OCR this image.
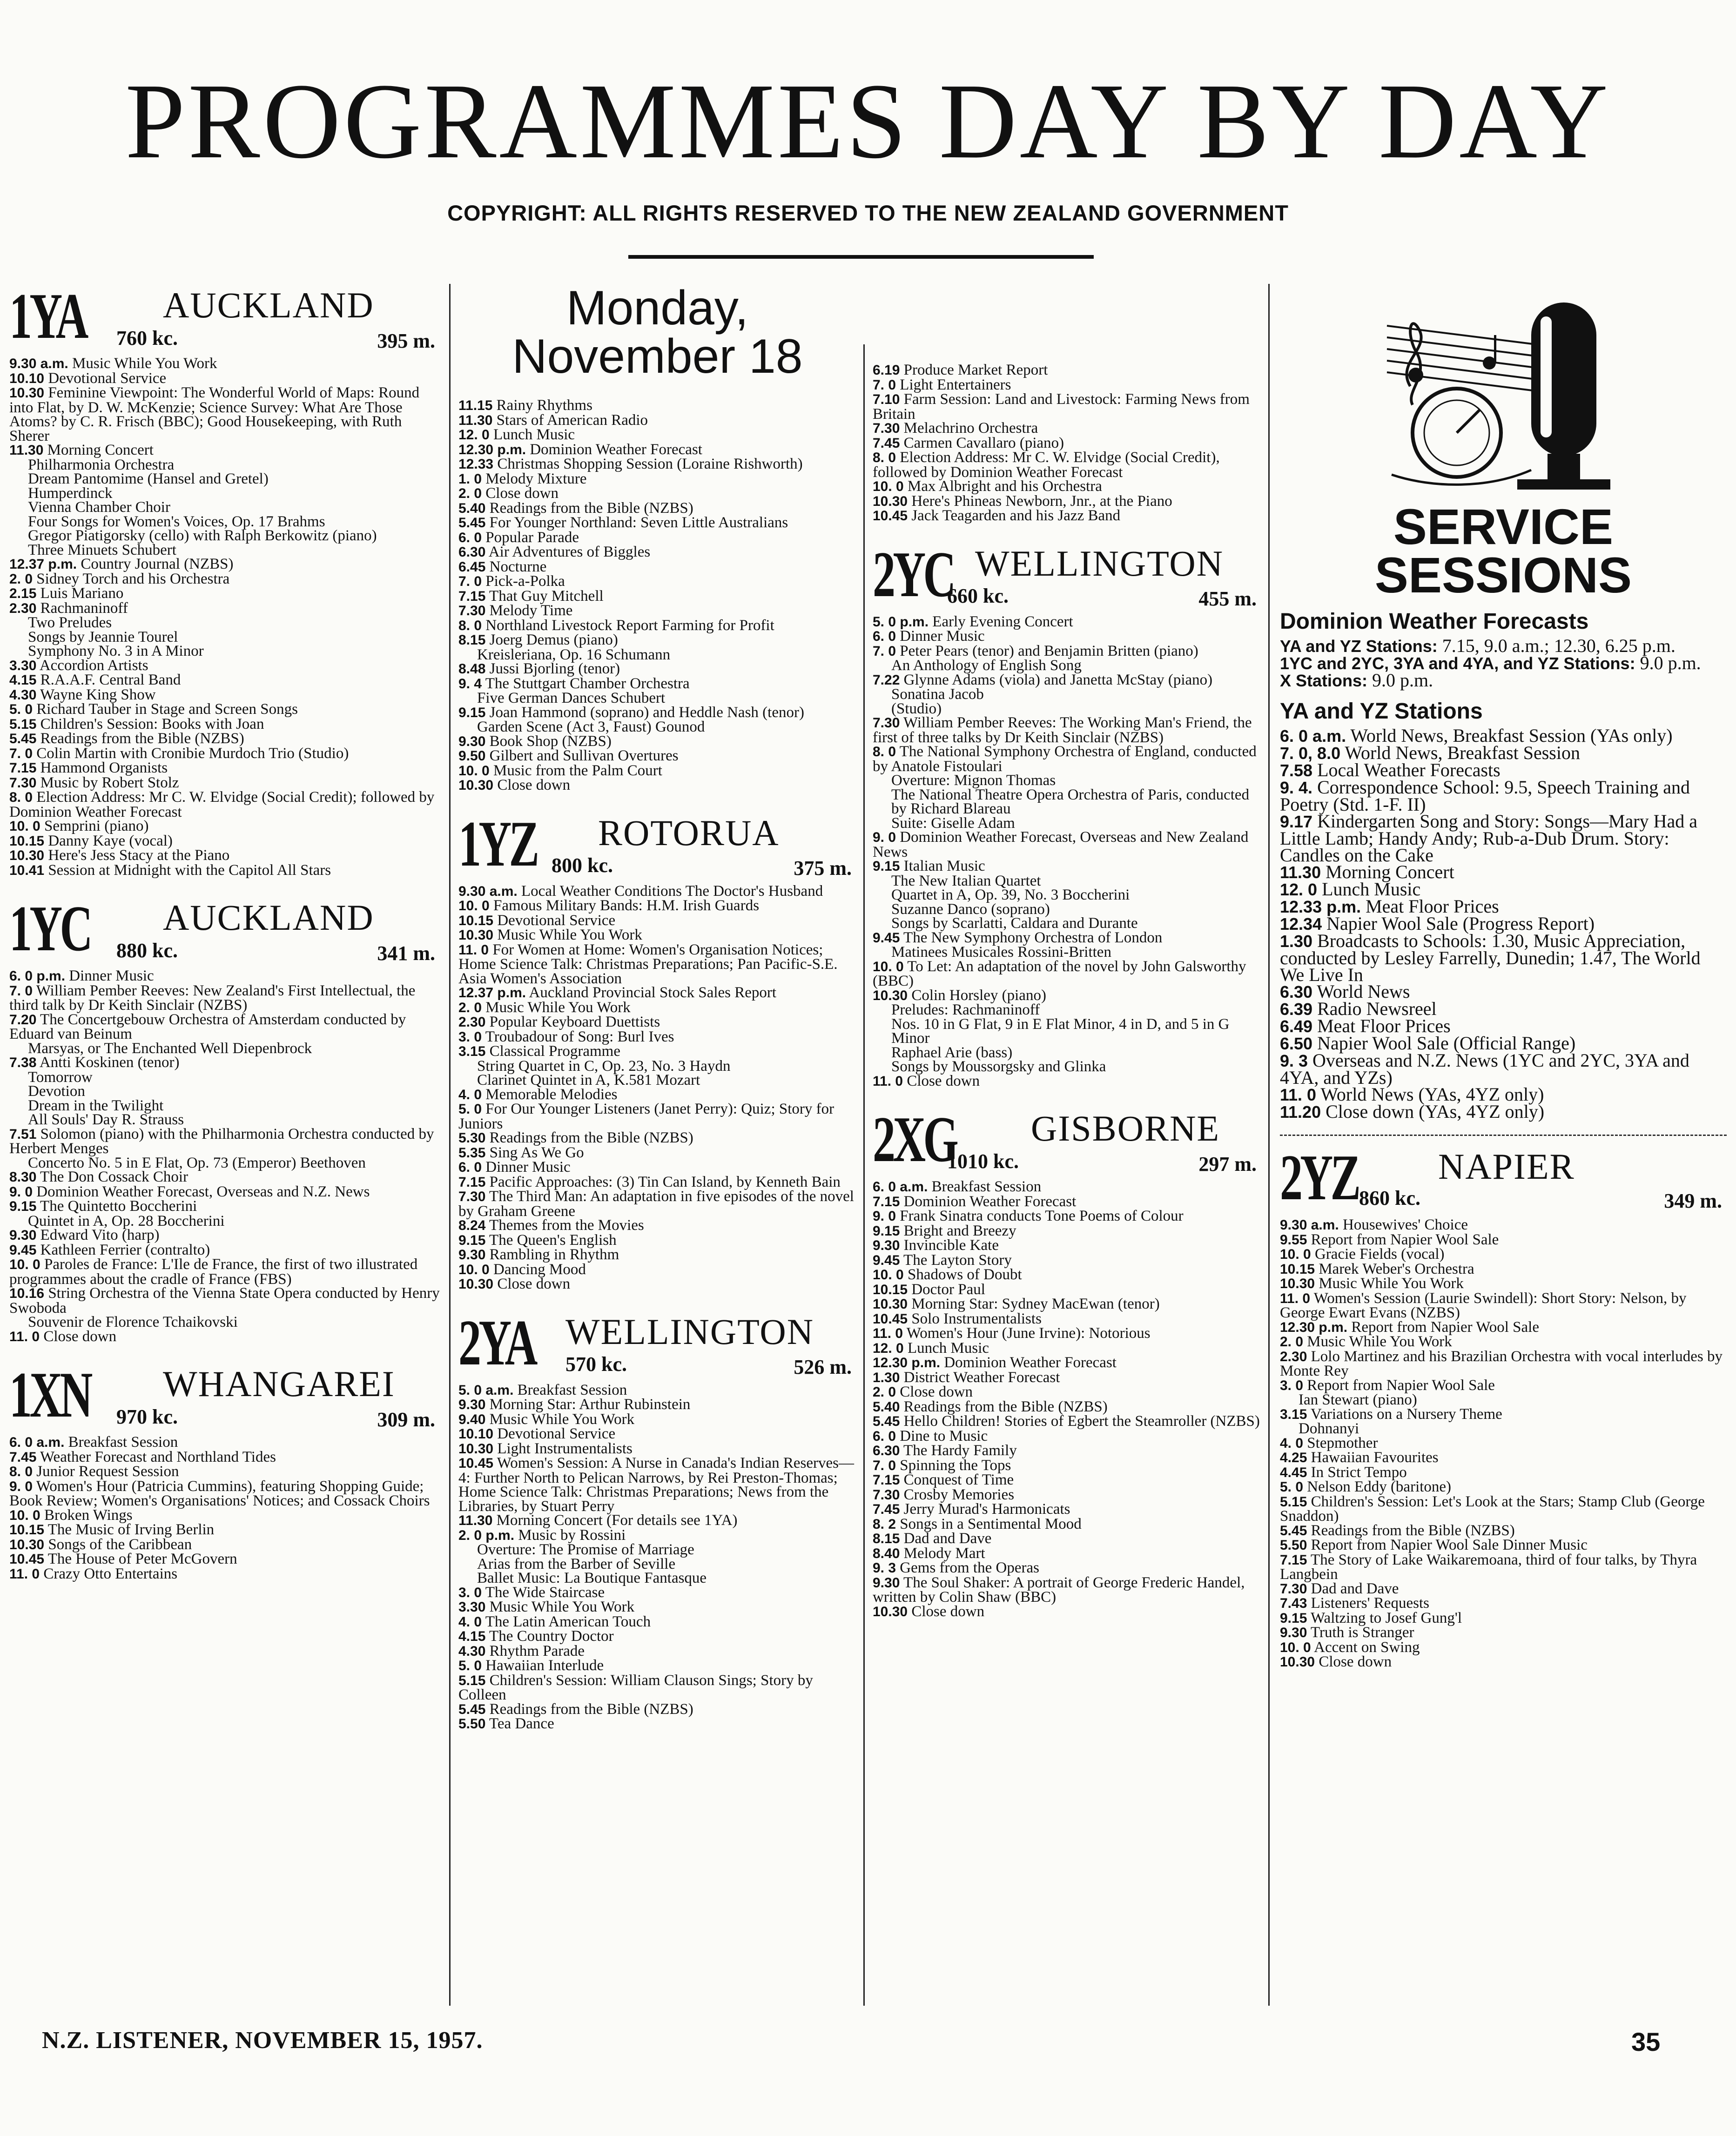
PROGRAMMES DAY BY DAY
COPYRIGHT: ALL RIGHTS RESERVED TO THE NEW ZEALAND GOVERNMENT
1YA AUCKLAND
760 kc.	395 m.
9.30 a.m. Music While You Work
10.10 Devotional Service
10.30 Feminine Viewpoint: The Wonderful World of Maps: Round into Flat, by D. W. McKenzie; Science Survey: What Are Those Atoms? by C. R. Frisch (BBC); Good Housekeeping, with Ruth Sherer
11.30 Morning Concert
Philharmonia Orchestra
Dream Pantomime (Hansel and Gretel)
Humperdinck
Vienna Chamber Choir
Four Songs for Women's Voices, Op. 17 Brahms
Gregor Piatigorsky (cello) with Ralph Berkowitz (piano)
Three Minuets Schubert
12.37 p.m. Country Journal (NZBS)
2. 0 Sidney Torch and his Orchestra
2.15 Luis Mariano
2.30 Rachmaninoff
Two Preludes
Songs by Jeannie Tourel
Symphony No. 3 in A Minor
3.30 Accordion Artists
4.15 R.A.A.F. Central Band
4.30 Wayne King Show
5. 0 Richard Tauber in Stage and Screen Songs
5.15 Children's Session: Books with Joan
5.45 Readings from the Bible (NZBS)
7. 0 Colin Martin with Cronibie Murdoch Trio (Studio)
7.15 Hammond Organists
7.30 Music by Robert Stolz
8. 0 Election Address: Mr C. W. Elvidge (Social Credit); followed by Dominion Weather Forecast
10. 0 Semprini (piano)
10.15 Danny Kaye (vocal)
10.30 Here's Jess Stacy at the Piano
10.41 Session at Midnight with the Capitol All Stars
1YC AUCKLAND
880 kc.	341 m.
6. 0 p.m. Dinner Music
7. 0 William Pember Reeves: New Zealand's First Intellectual, the third talk by Dr Keith Sinclair (NZBS)
7.20 The Concertgebouw Orchestra of Amsterdam conducted by Eduard van Beinum
Marsyas, or The Enchanted Well Diepenbrock
7.38 Antti Koskinen (tenor)
Tomorrow
Devotion
Dream in the Twilight
All Souls' Day R. Strauss
7.51 Solomon (piano) with the Philharmonia Orchestra conducted by Herbert Menges
Concerto No. 5 in E Flat, Op. 73 (Emperor) Beethoven
8.30 The Don Cossack Choir
9. 0 Dominion Weather Forecast, Overseas and N.Z. News
9.15 The Quintetto Boccherini
Quintet in A, Op. 28 Boccherini
9.30 Edward Vito (harp)
9.45 Kathleen Ferrier (contralto)
10. 0 Paroles de France: L'Ile de France, the first of two illustrated programmes about the cradle of France (FBS)
10.16 String Orchestra of the Vienna State Opera conducted by Henry Swoboda
Souvenir de Florence Tchaikovski
11. 0 Close down
1XN WHANGAREI
970 kc.	309 m.
6. 0 a.m. Breakfast Session
7.45 Weather Forecast and Northland Tides
8. 0 Junior Request Session
9. 0 Women's Hour (Patricia Cummins), featuring Shopping Guide; Book Review; Women's Organisations' Notices; and Cossack Choirs
10. 0 Broken Wings
10.15 The Music of Irving Berlin
10.30 Songs of the Caribbean
10.45 The House of Peter McGovern
11. 0 Crazy Otto Entertains
Monday, November 18
11.15 Rainy Rhythms
11.30 Stars of American Radio
12. 0 Lunch Music
12.30 p.m. Dominion Weather Forecast
12.33 Christmas Shopping Session (Loraine Rishworth)
1. 0 Melody Mixture
2. 0 Close down
5.40 Readings from the Bible (NZBS)
5.45 For Younger Northland: Seven Little Australians
6. 0 Popular Parade
6.30 Air Adventures of Biggles
6.45 Nocturne
7. 0 Pick-a-Polka
7.15 That Guy Mitchell
7.30 Melody Time
8. 0 Northland Livestock Report Farming for Profit
8.15 Joerg Demus (piano)
Kreisleriana, Op. 16 Schumann
8.48 Jussi Bjorling (tenor)
9. 4 The Stuttgart Chamber Orchestra
Five German Dances Schubert
9.15 Joan Hammond (soprano) and Heddle Nash (tenor)
Garden Scene (Act 3, Faust) Gounod
9.30 Book Shop (NZBS)
9.50 Gilbert and Sullivan Overtures
10. 0 Music from the Palm Court
10.30 Close down
1YZ ROTORUA
800 kc.	375 m.
9.30 a.m. Local Weather Conditions The Doctor's Husband
10. 0 Famous Military Bands: H.M. Irish Guards
10.15 Devotional Service
10.30 Music While You Work
11. 0 For Women at Home: Women's Organisation Notices; Home Science Talk: Christmas Preparations; Pan Pacific-S.E. Asia Women's Association
12.37 p.m. Auckland Provincial Stock Sales Report
2. 0 Music While You Work
2.30 Popular Keyboard Duettists
3. 0 Troubadour of Song: Burl Ives
3.15 Classical Programme
String Quartet in C, Op. 23, No. 3 Haydn
Clarinet Quintet in A, K.581 Mozart
4. 0 Memorable Melodies
5. 0 For Our Younger Listeners (Janet Perry): Quiz; Story for Juniors
5.30 Readings from the Bible (NZBS)
5.35 Sing As We Go
6. 0 Dinner Music
7.15 Pacific Approaches: (3) Tin Can Island, by Kenneth Bain
7.30 The Third Man: An adaptation in five episodes of the novel by Graham Greene
8.24 Themes from the Movies
9.15 The Queen's English
9.30 Rambling in Rhythm
10. 0 Dancing Mood
10.30 Close down
2YA WELLINGTON
570 kc.	526 m.
5. 0 a.m. Breakfast Session
9.30 Morning Star: Arthur Rubinstein
9.40 Music While You Work
10.10 Devotional Service
10.30 Light Instrumentalists
10.45 Women's Session: A Nurse in Canada's Indian Reserves—4: Further North to Pelican Narrows, by Rei Preston-Thomas; Home Science Talk: Christmas Preparations; News from the Libraries, by Stuart Perry
11.30 Morning Concert (For details see 1YA)
2. 0 p.m. Music by Rossini
Overture: The Promise of Marriage
Arias from the Barber of Seville
Ballet Music: La Boutique Fantasque
3. 0 The Wide Staircase
3.30 Music While You Work
4. 0 The Latin American Touch
4.15 The Country Doctor
4.30 Rhythm Parade
5. 0 Hawaiian Interlude
5.15 Children's Session: William Clauson Sings; Story by Colleen
5.45 Readings from the Bible (NZBS)
5.50 Tea Dance
6.19 Produce Market Report
7. 0 Light Entertainers
7.10 Farm Session: Land and Livestock: Farming News from Britain
7.30 Melachrino Orchestra
7.45 Carmen Cavallaro (piano)
8. 0 Election Address: Mr C. W. Elvidge (Social Credit), followed by Dominion Weather Forecast
10. 0 Max Albright and his Orchestra
10.30 Here's Phineas Newborn, Jnr., at the Piano
10.45 Jack Teagarden and his Jazz Band
2YC WELLINGTON
660 kc.	455 m.
5. 0 p.m. Early Evening Concert
6. 0 Dinner Music
7. 0 Peter Pears (tenor) and Benjamin Britten (piano)
An Anthology of English Song
7.22 Glynne Adams (viola) and Janetta McStay (piano)
Sonatina Jacob
(Studio)
7.30 William Pember Reeves: The Working Man's Friend, the first of three talks by Dr Keith Sinclair (NZBS)
8. 0 The National Symphony Orchestra of England, conducted by Anatole Fistoulari
Overture: Mignon Thomas
The National Theatre Opera Orchestra of Paris, conducted by Richard Blareau
Suite: Giselle Adam
9. 0 Dominion Weather Forecast, Overseas and New Zealand News
9.15 Italian Music
The New Italian Quartet
Quartet in A, Op. 39, No. 3 Boccherini
Suzanne Danco (soprano)
Songs by Scarlatti, Caldara and Durante
9.45 The New Symphony Orchestra of London
Matinees Musicales Rossini-Britten
10. 0 To Let: An adaptation of the novel by John Galsworthy (BBC)
10.30 Colin Horsley (piano)
Preludes: Rachmaninoff
Nos. 10 in G Flat, 9 in E Flat Minor, 4 in D, and 5 in G Minor
Raphael Arie (bass)
Songs by Moussorgsky and Glinka
11. 0 Close down
2XG GISBORNE
1010 kc.	297 m.
6. 0 a.m. Breakfast Session
7.15 Dominion Weather Forecast
9. 0 Frank Sinatra conducts Tone Poems of Colour
9.15 Bright and Breezy
9.30 Invincible Kate
9.45 The Layton Story
10. 0 Shadows of Doubt
10.15 Doctor Paul
10.30 Morning Star: Sydney MacEwan (tenor)
10.45 Solo Instrumentalists
11. 0 Women's Hour (June Irvine): Notorious
12. 0 Lunch Music
12.30 p.m. Dominion Weather Forecast
1.30 District Weather Forecast
2. 0 Close down
5.40 Readings from the Bible (NZBS)
5.45 Hello Children! Stories of Egbert the Steamroller (NZBS)
6. 0 Dine to Music
6.30 The Hardy Family
7. 0 Spinning the Tops
7.15 Conquest of Time
7.30 Crosby Memories
7.45 Jerry Murad's Harmonicats
8. 2 Songs in a Sentimental Mood
8.15 Dad and Dave
8.40 Melody Mart
9. 3 Gems from the Operas
9.30 The Soul Shaker: A portrait of George Frederic Handel, written by Colin Shaw (BBC)
10.30 Close down
SERVICE
SESSIONS
Dominion Weather Forecasts
YA and YZ Stations: 7.15, 9.0 a.m.; 12.30, 6.25 p.m.
1YC and 2YC, 3YA and 4YA, and YZ Stations: 9.0 p.m.
X Stations: 9.0 p.m.
YA and YZ Stations
6. 0 a.m. World News, Breakfast Session (YAs only)
7. 0, 8.0 World News, Breakfast Session
7.58 Local Weather Forecasts
9. 4. Correspondence School: 9.5, Speech Training and Poetry (Std. 1-F. II)
9.17 Kindergarten Song and Story: Songs—Mary Had a Little Lamb; Handy Andy; Rub-a-Dub Drum. Story: Candles on the Cake
11.30 Morning Concert
12. 0 Lunch Music
12.33 p.m. Meat Floor Prices
12.34 Napier Wool Sale (Progress Report)
1.30 Broadcasts to Schools: 1.30, Music Appreciation, conducted by Lesley Farrelly, Dunedin; 1.47, The World We Live In
6.30 World News
6.39 Radio Newsreel
6.49 Meat Floor Prices
6.50 Napier Wool Sale (Official Range)
9. 3 Overseas and N.Z. News (1YC and 2YC, 3YA and 4YA, and YZs)
11. 0 World News (YAs, 4YZ only)
11.20 Close down (YAs, 4YZ only)
2YZ NAPIER
860 kc.	349 m.
9.30 a.m. Housewives' Choice
9.55 Report from Napier Wool Sale
10. 0 Gracie Fields (vocal)
10.15 Marek Weber's Orchestra
10.30 Music While You Work
11. 0 Women's Session (Laurie Swindell): Short Story: Nelson, by George Ewart Evans (NZBS)
12.30 p.m. Report from Napier Wool Sale
2. 0 Music While You Work
2.30 Lolo Martinez and his Brazilian Orchestra with vocal interludes by Monte Rey
3. 0 Report from Napier Wool Sale
Ian Stewart (piano)
3.15 Variations on a Nursery Theme
Dohnanyi
4. 0 Stepmother
4.25 Hawaiian Favourites
4.45 In Strict Tempo
5. 0 Nelson Eddy (baritone)
5.15 Children's Session: Let's Look at the Stars; Stamp Club (George Snaddon)
5.45 Readings from the Bible (NZBS)
5.50 Report from Napier Wool Sale Dinner Music
7.15 The Story of Lake Waikaremoana, third of four talks, by Thyra Langbein
7.30 Dad and Dave
7.43 Listeners' Requests
9.15 Waltzing to Josef Gung'l
9.30 Truth is Stranger
10. 0 Accent on Swing
10.30 Close down
N.Z. LISTENER, NOVEMBER 15, 1957.	35
